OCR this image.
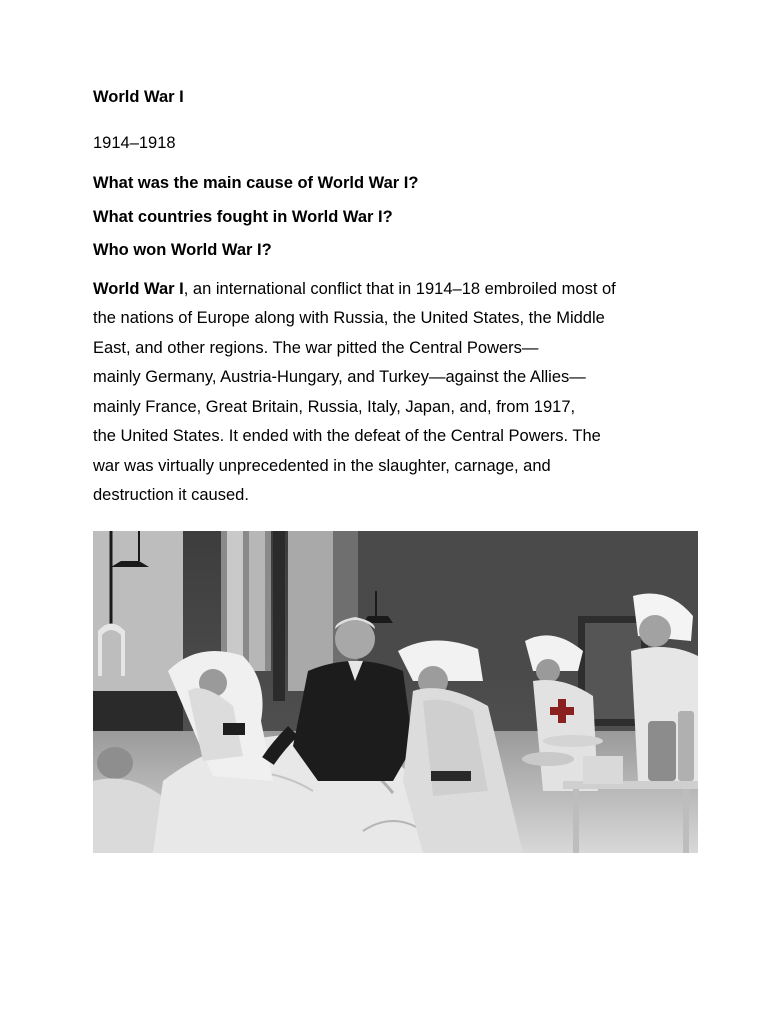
World War I
1914–1918
What was the main cause of World War I?
What countries fought in World War I?
Who won World War I?
World War I, an international conflict that in 1914–18 embroiled most of
the nations of Europe along with Russia, the United States, the Middle
East, and other regions. The war pitted the Central Powers—
mainly Germany, Austria-Hungary, and Turkey—against the Allies—
mainly France, Great Britain, Russia, Italy, Japan, and, from 1917,
the United States. It ended with the defeat of the Central Powers. The
war was virtually unprecedented in the slaughter, carnage, and
destruction it caused.
